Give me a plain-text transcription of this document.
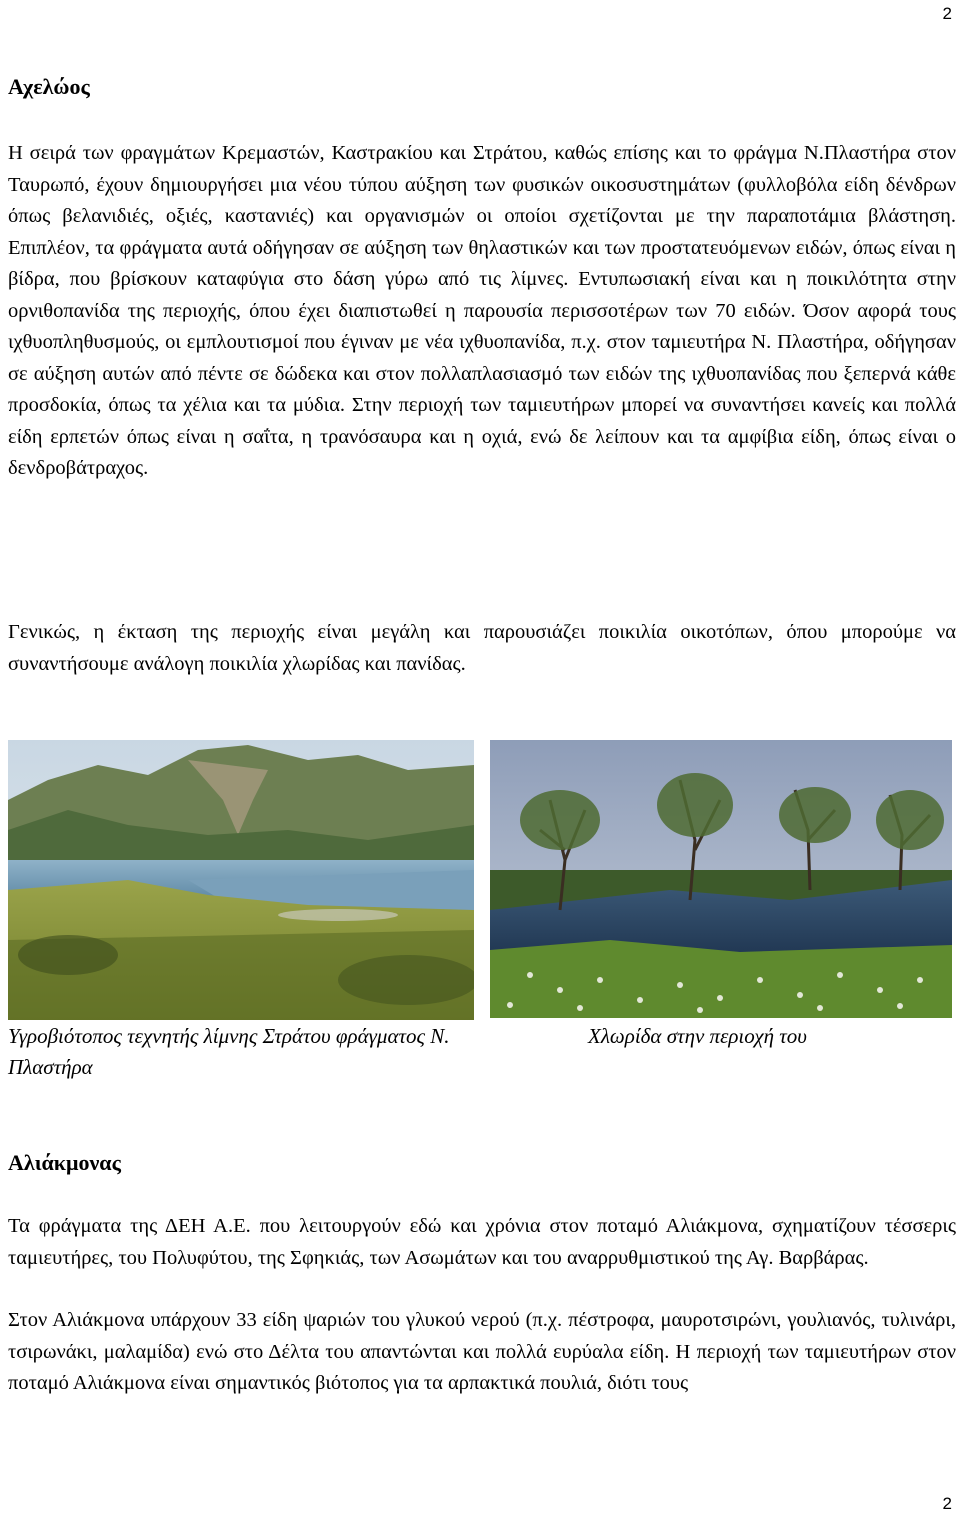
2
Αχελώος

Η σειρά των φραγμάτων Κρεμαστών, Καστρακίου και Στράτου, καθώς επίσης και το φράγμα Ν.Πλαστήρα στον Ταυρωπό, έχουν δημιουργήσει μια νέου τύπου αύξηση των φυσικών οικοσυστημάτων (φυλλοβόλα είδη δένδρων όπως βελανιδιές, οξιές, καστανιές) και οργανισμών οι οποίοι σχετίζονται με την παραποτάμια βλάστηση. Επιπλέον, τα φράγματα αυτά οδήγησαν σε αύξηση των θηλαστικών και των προστατευόμενων ειδών, όπως είναι η βίδρα, που βρίσκουν καταφύγια στο δάση γύρω από τις λίμνες. Εντυπωσιακή είναι και η ποικιλότητα στην ορνιθοπανίδα της περιοχής, όπου έχει διαπιστωθεί η παρουσία περισσοτέρων των 70 ειδών. Όσον αφορά τους ιχθυοπληθυσμούς, οι εμπλουτισμοί που έγιναν με νέα ιχθυοπανίδα, π.χ. στον ταμιευτήρα Ν. Πλαστήρα, οδήγησαν σε αύξηση αυτών από πέντε σε δώδεκα και στον πολλαπλασιασμό των ειδών της ιχθυοπανίδας που ξεπερνά κάθε προσδοκία, όπως τα χέλια και τα μύδια. Στην περιοχή των ταμιευτήρων μπορεί να συναντήσει κανείς και πολλά είδη ερπετών όπως είναι η σαΐτα, η τρανόσαυρα και η οχιά, ενώ δε λείπουν και τα αμφίβια είδη, όπως είναι ο δενδροβάτραχος.

Γενικώς, η έκταση της περιοχής είναι μεγάλη και παρουσιάζει ποικιλία οικοτόπων, όπου μπορούμε να συναντήσουμε ανάλογη ποικιλία χλωρίδας και πανίδας.

Υγροβιότοπος τεχνητής λίμνης Στράτου φράγματος Ν. Πλαστήρα
Χλωρίδα στην περιοχή του
Αλιάκμονας

Τα φράγματα της ΔΕΗ Α.Ε. που λειτουργούν εδώ και χρόνια στον ποταμό Αλιάκμονα, σχηματίζουν τέσσερις ταμιευτήρες, του Πολυφύτου, της Σφηκιάς, των Ασωμάτων και του αναρρυθμιστικού της Αγ. Βαρβάρας.

Στον Αλιάκμονα υπάρχουν 33 είδη ψαριών του γλυκού νερού (π.χ. πέστροφα, μαυροτσιρώνι, γουλιανός, τυλινάρι, τσιρωνάκι, μαλαμίδα) ενώ στο Δέλτα του απαντώνται και πολλά ευρύαλα είδη. Η περιοχή των ταμιευτήρων στον ποταμό Αλιάκμονα είναι σημαντικός βιότοπος για τα αρπακτικά πουλιά, διότι τους

2
